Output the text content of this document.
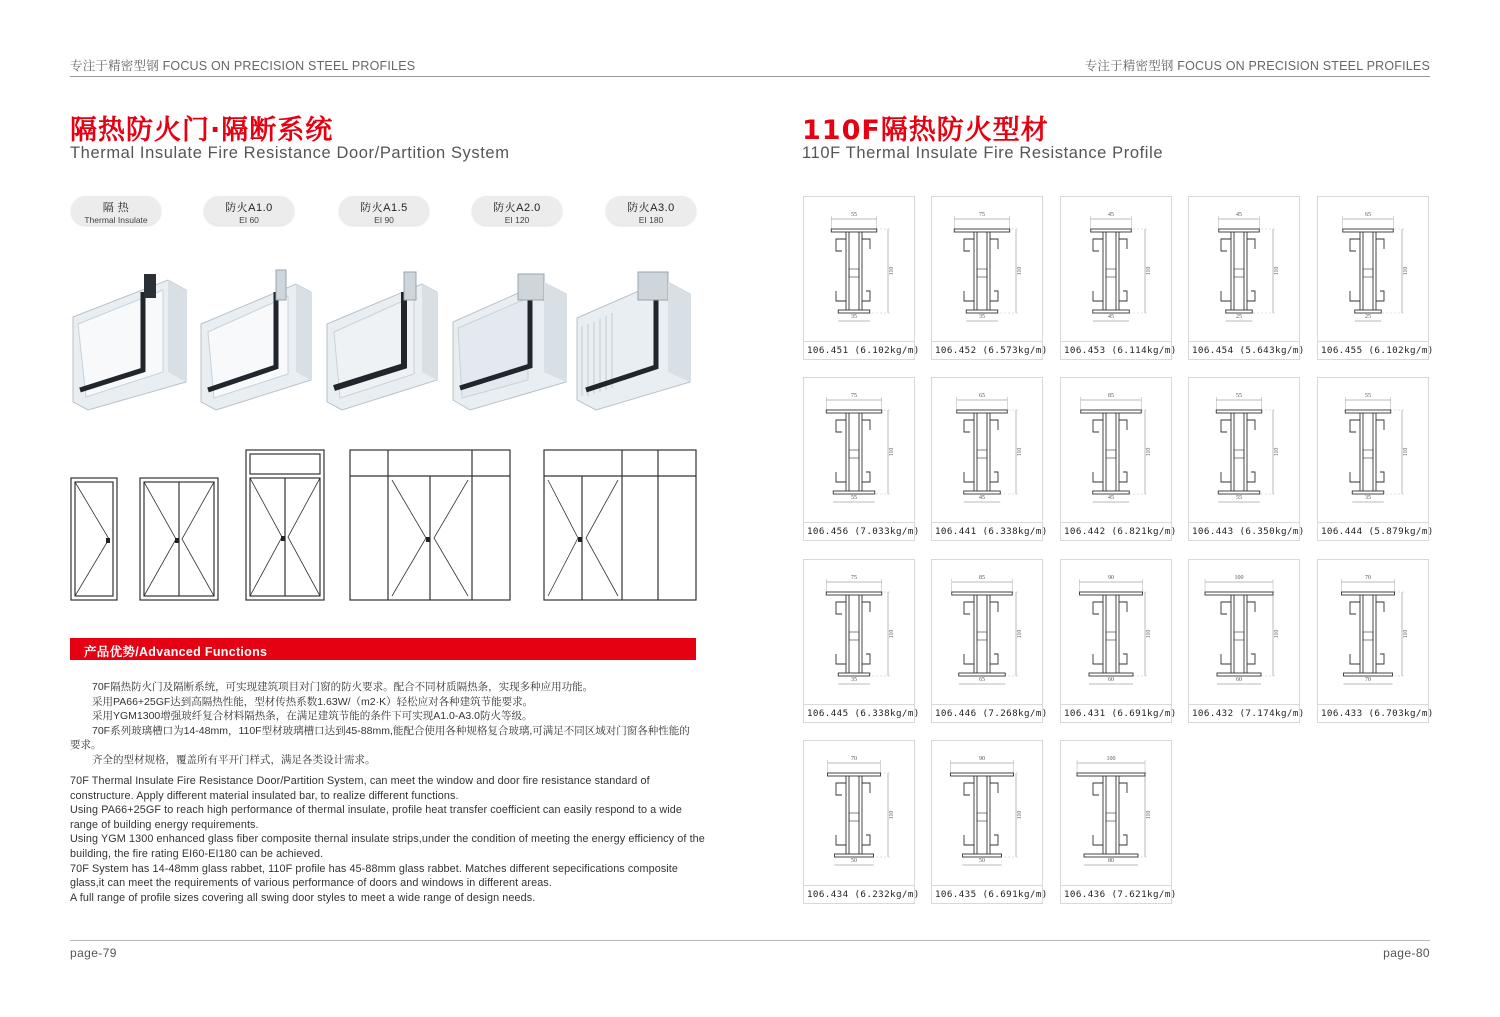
专注于精密型钢 FOCUS ON PRECISION STEEL PROFILES	专注于精密型钢 FOCUS ON PRECISION STEEL PROFILES
隔热防火门·隔断系统
Thermal Insulate Fire Resistance Door/Partition System
隔 热
Thermal Insulate
防火A1.0
EI 60
防火A1.5
EI 90
防火A2.0
EI 120
防火A3.0
EI 180
产品优势/Advanced Functions

70F隔热防火门及隔断系统，可实现建筑项目对门窗的防火要求。配合不同材质隔热条，实现多种应用功能。

采用PA66+25GF达到高隔热性能，型材传热系数1.63W/（m2·K）轻松应对各种建筑节能要求。

采用YGM1300增强玻纤复合材料隔热条，在满足建筑节能的条件下可实现A1.0-A3.0防火等级。

70F系列玻璃槽口为14-48mm，110F型材玻璃槽口达到45-88mm,能配合使用各种规格复合玻璃,可满足不同区域对门窗各种性能的要求。

齐全的型材规格，覆盖所有平开门样式，满足各类设计需求。

70F Thermal Insulate Fire Resistance Door/Partition System, can meet the window and door fire resistance standard of constructure. Apply different material insulated bar, to realize different functions.

Using PA66+25GF to reach high performance of thermal insulate, profile heat transfer coefficient can easily respond to a wide range of building energy requirements.

Using YGM 1300 enhanced glass fiber composite thernal insulate strips,under the condition of meeting the energy efficiency of the building, the fire rating EI60-EI180 can be achieved.

70F System has 14-48mm glass rabbet, 110F profile has 45-88mm glass rabbet. Matches different sepecifications composite glass,it can meet the requirements of various performance of doors and windows in different areas.

A full range of profile sizes covering all swing door styles to meet a wide range of design needs.

110F隔热防火型材
110F Thermal Insulate Fire Resistance Profile
55
35
110
106.451 (6.102kg/m)
75
35
110
106.452 (6.573kg/m)
45
45
110
106.453 (6.114kg/m)
45
25
110
106.454 (5.643kg/m)
65
25
110
106.455 (6.102kg/m)
75
55
110
106.456 (7.033kg/m)
65
45
110
106.441 (6.338kg/m)
85
45
110
106.442 (6.821kg/m)
55
55
110
106.443 (6.350kg/m)
55
35
110
106.444 (5.879kg/m)
75
35
110
106.445 (6.338kg/m)
85
65
110
106.446 (7.268kg/m)
90
60
110
106.431 (6.691kg/m)
100
60
110
106.432 (7.174kg/m)
70
70
110
106.433 (6.703kg/m)
70
50
110
106.434 (6.232kg/m)
90
50
110
106.435 (6.691kg/m)
100
80
110
106.436 (7.621kg/m)
page-79	page-80
